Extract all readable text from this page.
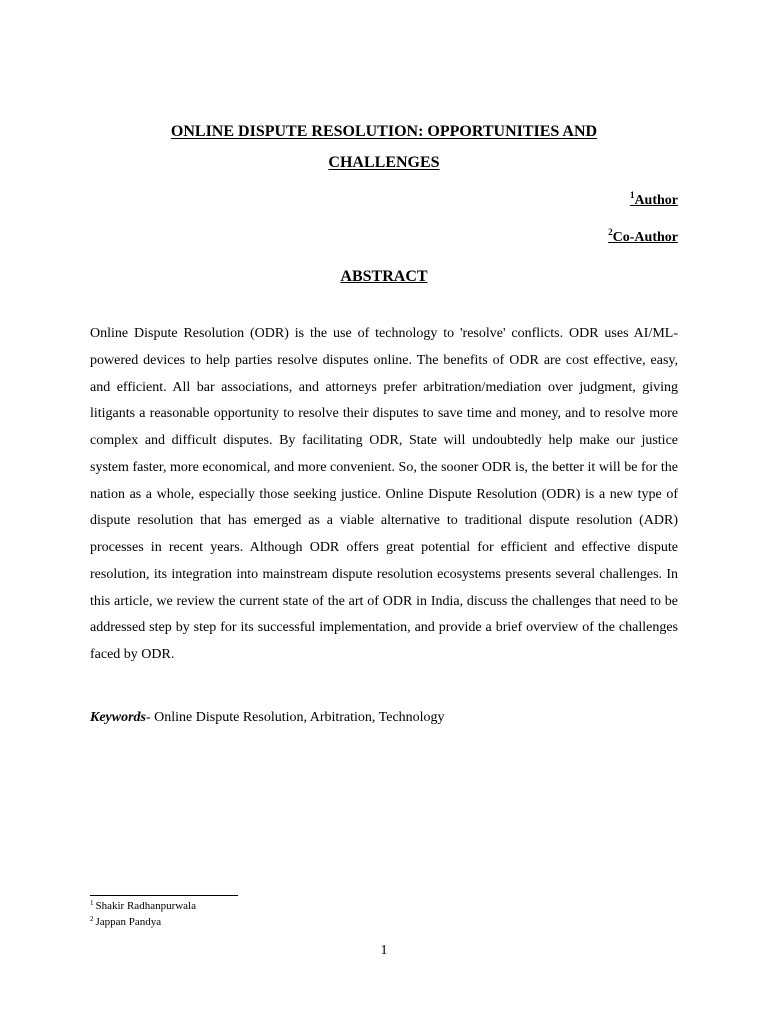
ONLINE DISPUTE RESOLUTION: OPPORTUNITIES AND
CHALLENGES
$^1$Author
$^2$Co-Author
ABSTRACT

Online Dispute Resolution (ODR) is the use of technology to 'resolve' conflicts. ODR uses AI/ML-powered devices to help parties resolve disputes online. The benefits of ODR are cost effective, easy, and efficient. All bar associations, and attorneys prefer arbitration/mediation over judgment, giving litigants a reasonable opportunity to resolve their disputes to save time and money, and to resolve more complex and difficult disputes. By facilitating ODR, State will undoubtedly help make our justice system faster, more economical, and more convenient. So, the sooner ODR is, the better it will be for the nation as a whole, especially those seeking justice. Online Dispute Resolution (ODR) is a new type of dispute resolution that has emerged as a viable alternative to traditional dispute resolution (ADR) processes in recent years. Although ODR offers great potential for efficient and effective dispute resolution, its integration into mainstream dispute resolution ecosystems presents several challenges. In this article, we review the current state of the art of ODR in India, discuss the challenges that need to be addressed step by step for its successful implementation, and provide a brief overview of the challenges faced by ODR.

Keywords- Online Dispute Resolution, Arbitration, Technology

$^1$ Shakir Radhanpurwala
$^2$ Jappan Pandya
1
